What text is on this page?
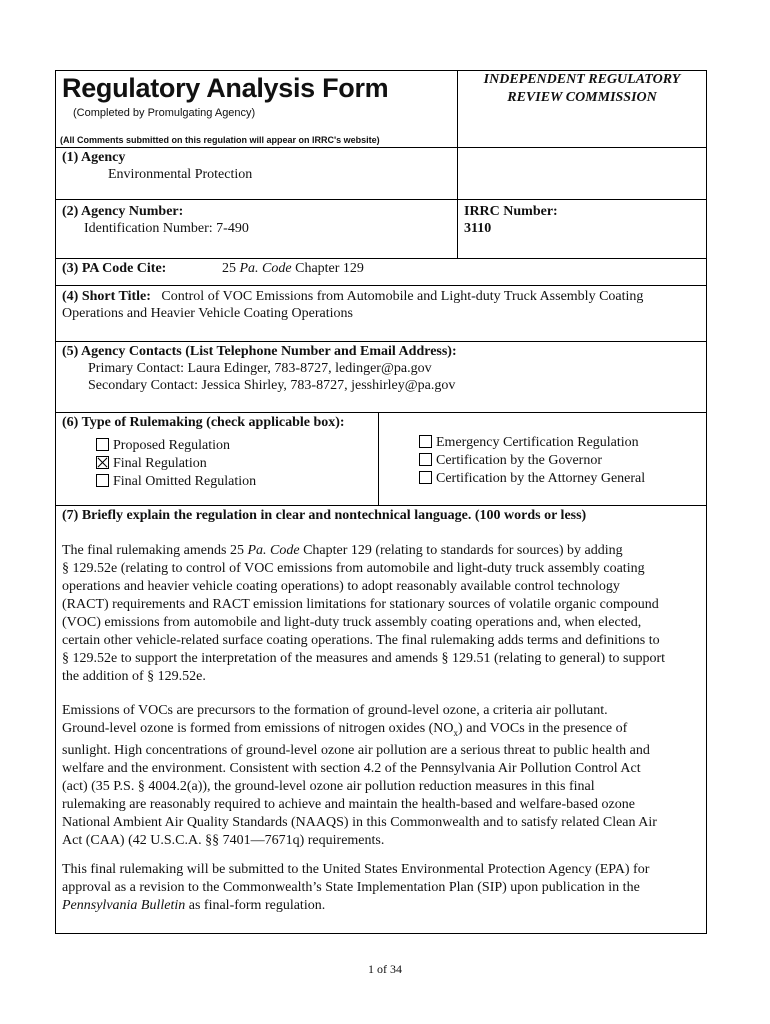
Regulatory Analysis Form
(Completed by Promulgating Agency)
(All Comments submitted on this regulation will appear on IRRC's website)
INDEPENDENT REGULATORY
REVIEW COMMISSION
(1) Agency
Environmental Protection
(2) Agency Number:
Identification Number: 7-490
IRRC Number:
3110
(3) PA Code Cite:	25 Pa. Code Chapter 129
(4) Short Title: Control of VOC Emissions from Automobile and Light-duty Truck Assembly Coating
Operations and Heavier Vehicle Coating Operations
(5) Agency Contacts (List Telephone Number and Email Address):
Primary Contact: Laura Edinger, 783-8727, ledinger@pa.gov
Secondary Contact: Jessica Shirley, 783-8727, jesshirley@pa.gov
(6) Type of Rulemaking (check applicable box):
Proposed Regulation
Final Regulation
Final Omitted Regulation
Emergency Certification Regulation
Certification by the Governor
Certification by the Attorney General
(7) Briefly explain the regulation in clear and nontechnical language. (100 words or less)
The final rulemaking amends 25 Pa. Code Chapter 129 (relating to standards for sources) by adding
§ 129.52e (relating to control of VOC emissions from automobile and light-duty truck assembly coating
operations and heavier vehicle coating operations) to adopt reasonably available control technology
(RACT) requirements and RACT emission limitations for stationary sources of volatile organic compound
(VOC) emissions from automobile and light-duty truck assembly coating operations and, when elected,
certain other vehicle-related surface coating operations. The final rulemaking adds terms and definitions to
§ 129.52e to support the interpretation of the measures and amends § 129.51 (relating to general) to support
the addition of § 129.52e.
Emissions of VOCs are precursors to the formation of ground-level ozone, a criteria air pollutant.
Ground-level ozone is formed from emissions of nitrogen oxides $(NO_x)$ and VOCs in the presence of
sunlight. High concentrations of ground-level ozone air pollution are a serious threat to public health and
welfare and the environment. Consistent with section 4.2 of the Pennsylvania Air Pollution Control Act
(act) (35 P.S. § 4004.2(a)), the ground-level ozone air pollution reduction measures in this final
rulemaking are reasonably required to achieve and maintain the health-based and welfare-based ozone
National Ambient Air Quality Standards (NAAQS) in this Commonwealth and to satisfy related Clean Air
Act (CAA) (42 U.S.C.A. §§ 7401—7671q) requirements.
This final rulemaking will be submitted to the United States Environmental Protection Agency (EPA) for
approval as a revision to the Commonwealth’s State Implementation Plan (SIP) upon publication in the
Pennsylvania Bulletin as final-form regulation.
1 of 34
